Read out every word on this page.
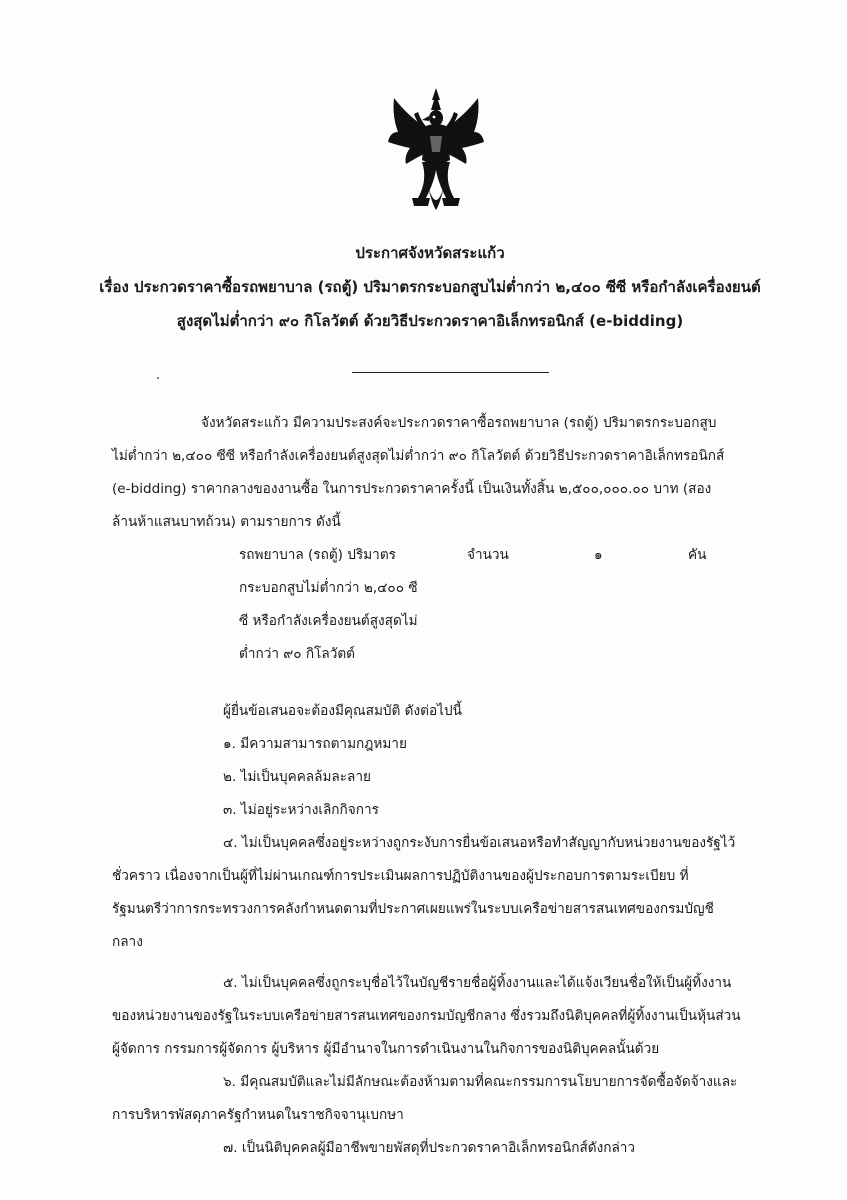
ประกาศจังหวัดสระแก้ว
เรื่อง ประกวดราคาซื้อรถพยาบาล (รถตู้) ปริมาตรกระบอกสูบไม่ต่ำกว่า ๒,๔๐๐ ซีซี หรือกำลังเครื่องยนต์
สูงสุดไม่ต่ำกว่า ๙๐ กิโลวัตต์ ด้วยวิธีประกวดราคาอิเล็กทรอนิกส์ (e-bidding)
จังหวัดสระแก้ว มีความประสงค์จะประกวดราคาซื้อรถพยาบาล (รถตู้) ปริมาตรกระบอกสูบ
ไม่ต่ำกว่า ๒,๔๐๐ ซีซี หรือกำลังเครื่องยนต์สูงสุดไม่ต่ำกว่า ๙๐ กิโลวัตต์ ด้วยวิธีประกวดราคาอิเล็กทรอนิกส์
(e-bidding) ราคากลางของงานซื้อ ในการประกวดราคาครั้งนี้ เป็นเงินทั้งสิ้น ๒,๕๐๐,๐๐๐.๐๐ บาท (สอง
ล้านห้าแสนบาทถ้วน) ตามรายการ ดังนี้
รถพยาบาล (รถตู้) ปริมาตร	จำนวน	๑	คัน
กระบอกสูบไม่ต่ำกว่า ๒,๔๐๐ ซี
ซี หรือกำลังเครื่องยนต์สูงสุดไม่
ต่ำกว่า ๙๐ กิโลวัตต์
ผู้ยื่นข้อเสนอจะต้องมีคุณสมบัติ ดังต่อไปนี้
๑. มีความสามารถตามกฎหมาย
๒. ไม่เป็นบุคคลล้มละลาย
๓. ไม่อยู่ระหว่างเลิกกิจการ
๔. ไม่เป็นบุคคลซึ่งอยู่ระหว่างถูกระงับการยื่นข้อเสนอหรือทำสัญญากับหน่วยงานของรัฐไว้
ชั่วคราว เนื่องจากเป็นผู้ที่ไม่ผ่านเกณฑ์การประเมินผลการปฏิบัติงานของผู้ประกอบการตามระเบียบ ที่
รัฐมนตรีว่าการกระทรวงการคลังกำหนดตามที่ประกาศเผยแพร่ในระบบเครือข่ายสารสนเทศของกรมบัญชี
กลาง
๕. ไม่เป็นบุคคลซึ่งถูกระบุชื่อไว้ในบัญชีรายชื่อผู้ทิ้งงานและได้แจ้งเวียนชื่อให้เป็นผู้ทิ้งงาน
ของหน่วยงานของรัฐในระบบเครือข่ายสารสนเทศของกรมบัญชีกลาง ซึ่งรวมถึงนิติบุคคลที่ผู้ทิ้งงานเป็นหุ้นส่วน
ผู้จัดการ กรรมการผู้จัดการ ผู้บริหาร ผู้มีอำนาจในการดำเนินงานในกิจการของนิติบุคคลนั้นด้วย
๖. มีคุณสมบัติและไม่มีลักษณะต้องห้ามตามที่คณะกรรมการนโยบายการจัดซื้อจัดจ้างและ
การบริหารพัสดุภาครัฐกำหนดในราชกิจจานุเบกษา
๗. เป็นนิติบุคคลผู้มีอาชีพขายพัสดุที่ประกวดราคาอิเล็กทรอนิกส์ดังกล่าว
